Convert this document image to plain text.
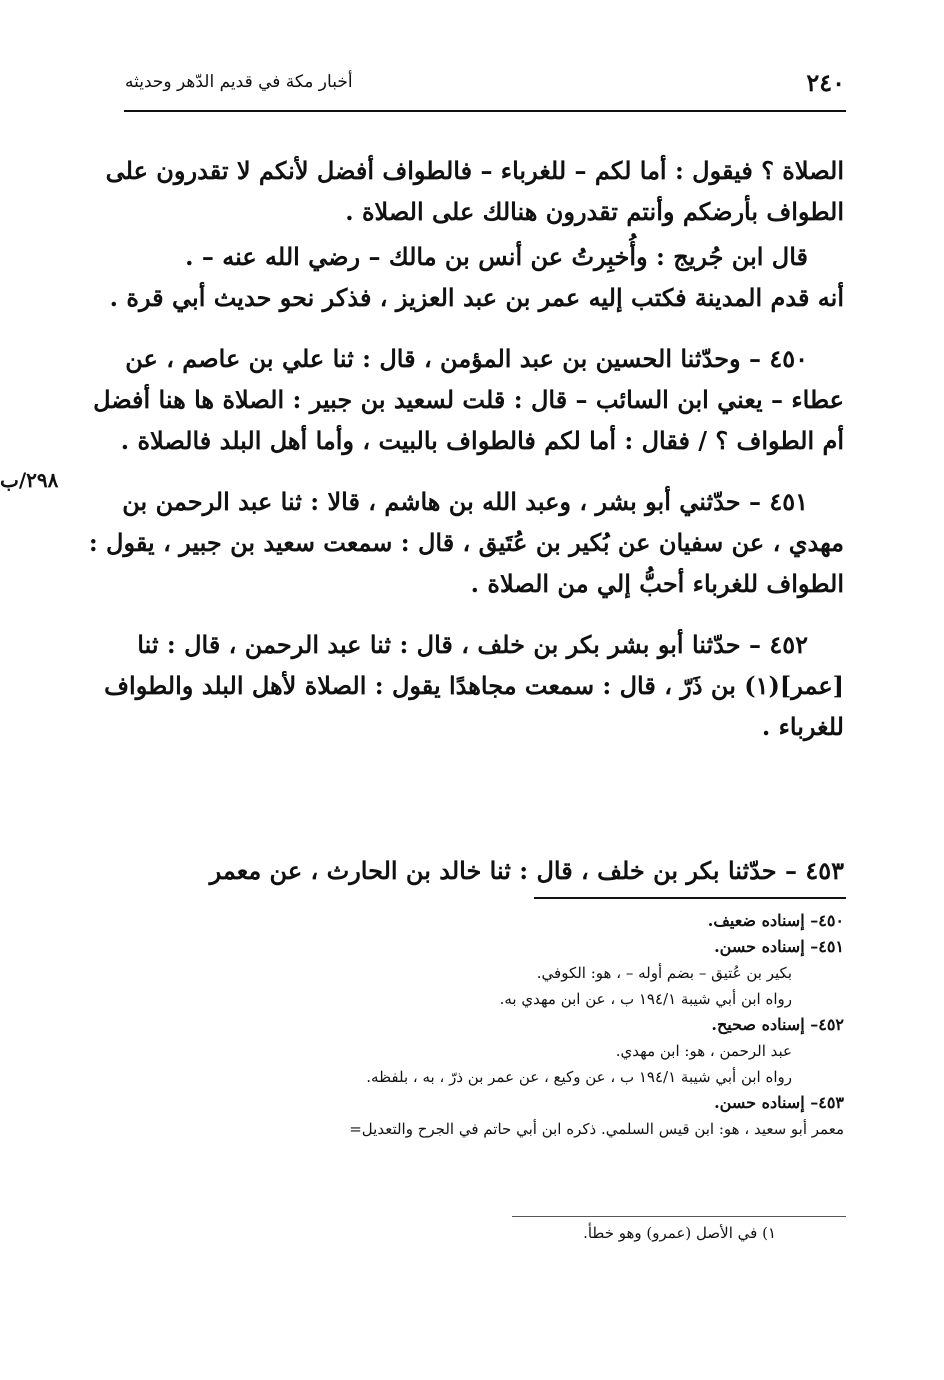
٢٤٠
أخبار مكة في قديم الدّهر وحديثه

الصلاة ؟ فيقول : أما لكم – للغرباء – فالطواف أفضل لأنكم لا تقدرون على
الطواف بأرضكم وأنتم تقدرون هنالك على الصلاة .

قال ابن جُريج : وأُخبِرتُ عن أنس بن مالك – رضي الله عنه – .
أنه قدم المدينة فكتب إليه عمر بن عبد العزيز ، فذكر نحو حديث أبي قرة .

٤٥٠ – وحدّثنا الحسين بن عبد المؤمن ، قال : ثنا علي بن عاصم ، عن
عطاء – يعني ابن السائب – قال : قلت لسعيد بن جبير : الصلاة ها هنا أفضل
أم الطواف ؟ / فقال : أما لكم فالطواف بالبيت ، وأما أهل البلد فالصلاة .

٤٥١ – حدّثني أبو بشر ، وعبد الله بن هاشم ، قالا : ثنا عبد الرحمن بن
مهدي ، عن سفيان عن بُكير بن عُتَيق ، قال : سمعت سعيد بن جبير ، يقول :
الطواف للغرباء أحبُّ إلي من الصلاة .

٤٥٢ – حدّثنا أبو بشر بكر بن خلف ، قال : ثنا عبد الرحمن ، قال : ثنا
[عمر](١) بن ذَرّ ، قال : سمعت مجاهدًا يقول : الصلاة لأهل البلد والطواف
للغرباء .

٢٩٨/ب
٤٥٣ – حدّثنا بكر بن خلف ، قال : ثنا خالد بن الحارث ، عن معمر
٤٥٠– إسناده ضعيف.
٤٥١– إسناده حسن.
بكير بن عُتيق – بضم أوله – ، هو: الكوفي.
رواه ابن أبي شيبة ١٩٤/١ ب ، عن ابن مهدي به.
٤٥٢– إسناده صحيح.
عبد الرحمن ، هو: ابن مهدي.
رواه ابن أبي شيبة ١٩٤/١ ب ، عن وكيع ، عن عمر بن ذرّ ، به ، بلفظه.
٤٥٣– إسناده حسن.
معمر أبو سعيد ، هو: ابن قيس السلمي. ذكره ابن أبي حاتم في الجرح والتعديل=
١) في الأصل (عمرو) وهو خطأ.
